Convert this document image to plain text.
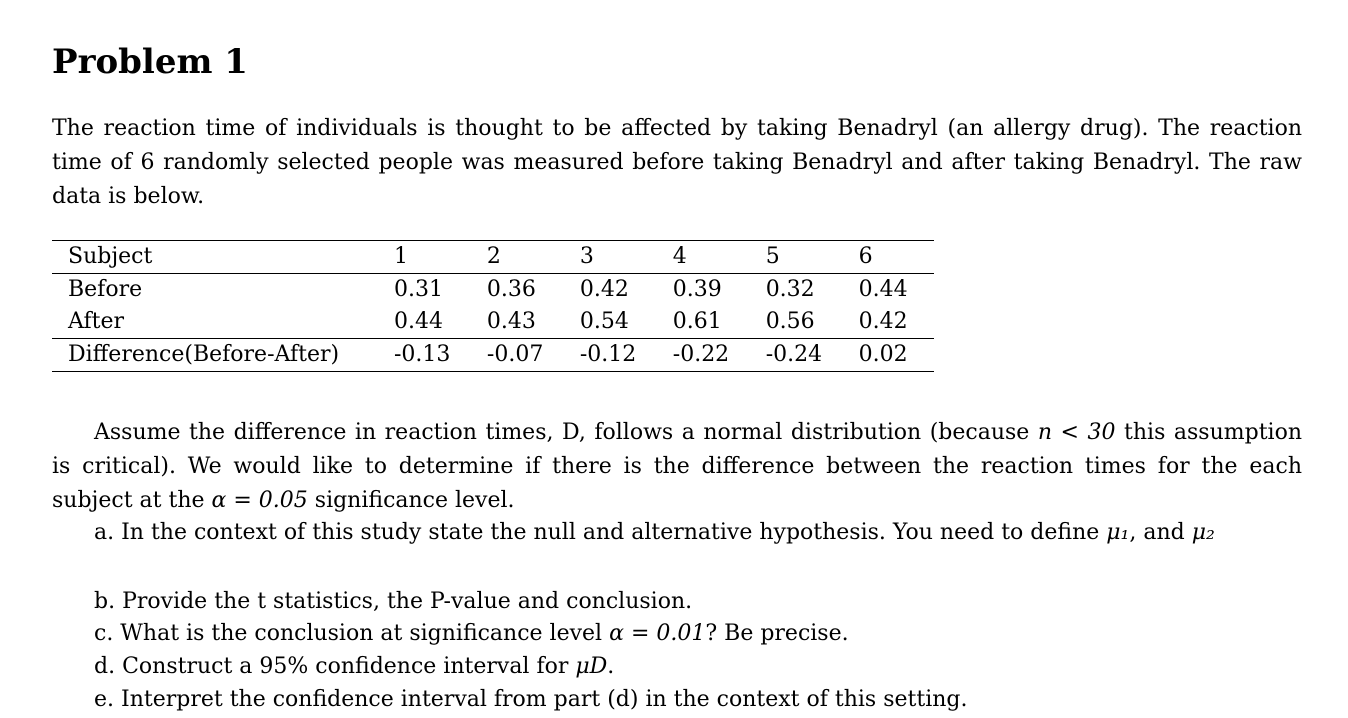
Problem 1

The reaction time of individuals is thought to be affected by taking Benadryl (an allergy drug). The reaction time of 6 randomly selected people was measured before taking Benadryl and after taking Benadryl. The raw data is below.

Subject	1	2	3	4	5	6
Before	0.31	0.36	0.42	0.39	0.32	0.44
After	0.44	0.43	0.54	0.61	0.56	0.42
Difference(Before-After)	-0.13	-0.07	-0.12	-0.22	-0.24	0.02

Assume the difference in reaction times, D, follows a normal distribution (because n < 30 this assumption is critical). We would like to determine if there is the difference between the reaction times for the each subject at the α = 0.05 significance level.

a. In the context of this study state the null and alternative hypothesis. You need to define μ₁, and μ₂

b. Provide the t statistics, the P-value and conclusion.

c. What is the conclusion at significance level α = 0.01? Be precise.

d. Construct a 95% confidence interval for μD.

e. Interpret the confidence interval from part (d) in the context of this setting.
